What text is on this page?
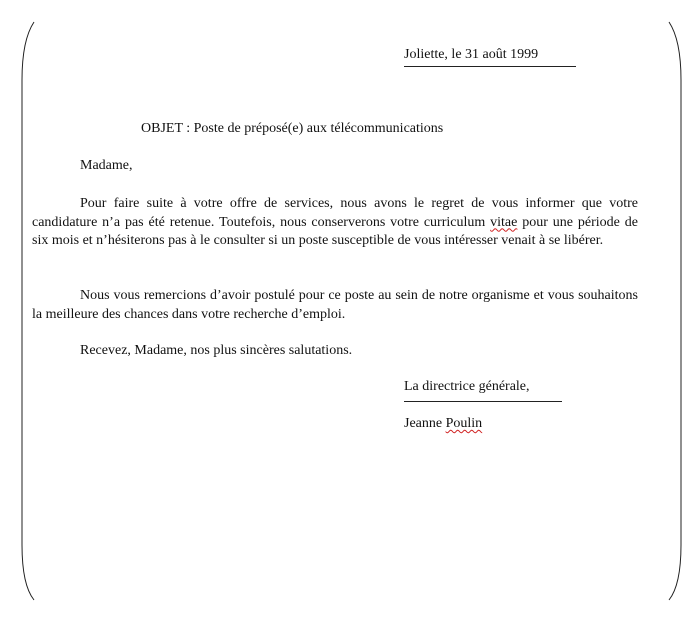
Joliette, le 31 août 1999
OBJET : Poste de préposé(e) aux télécommunications
Madame,

Pour faire suite à votre offre de services, nous avons le regret de vous informer que votre candidature n’a pas été retenue. Toutefois, nous conserverons votre curriculum vitae pour une période de six mois et n’hésiterons pas à le consulter si un poste susceptible de vous intéresser venait à se libérer.

Nous vous remercions d’avoir postulé pour ce poste au sein de notre organisme et vous souhaitons la meilleure des chances dans votre recherche d’emploi.

Recevez, Madame, nos plus sincères salutations.
La directrice générale,
Jeanne Poulin
